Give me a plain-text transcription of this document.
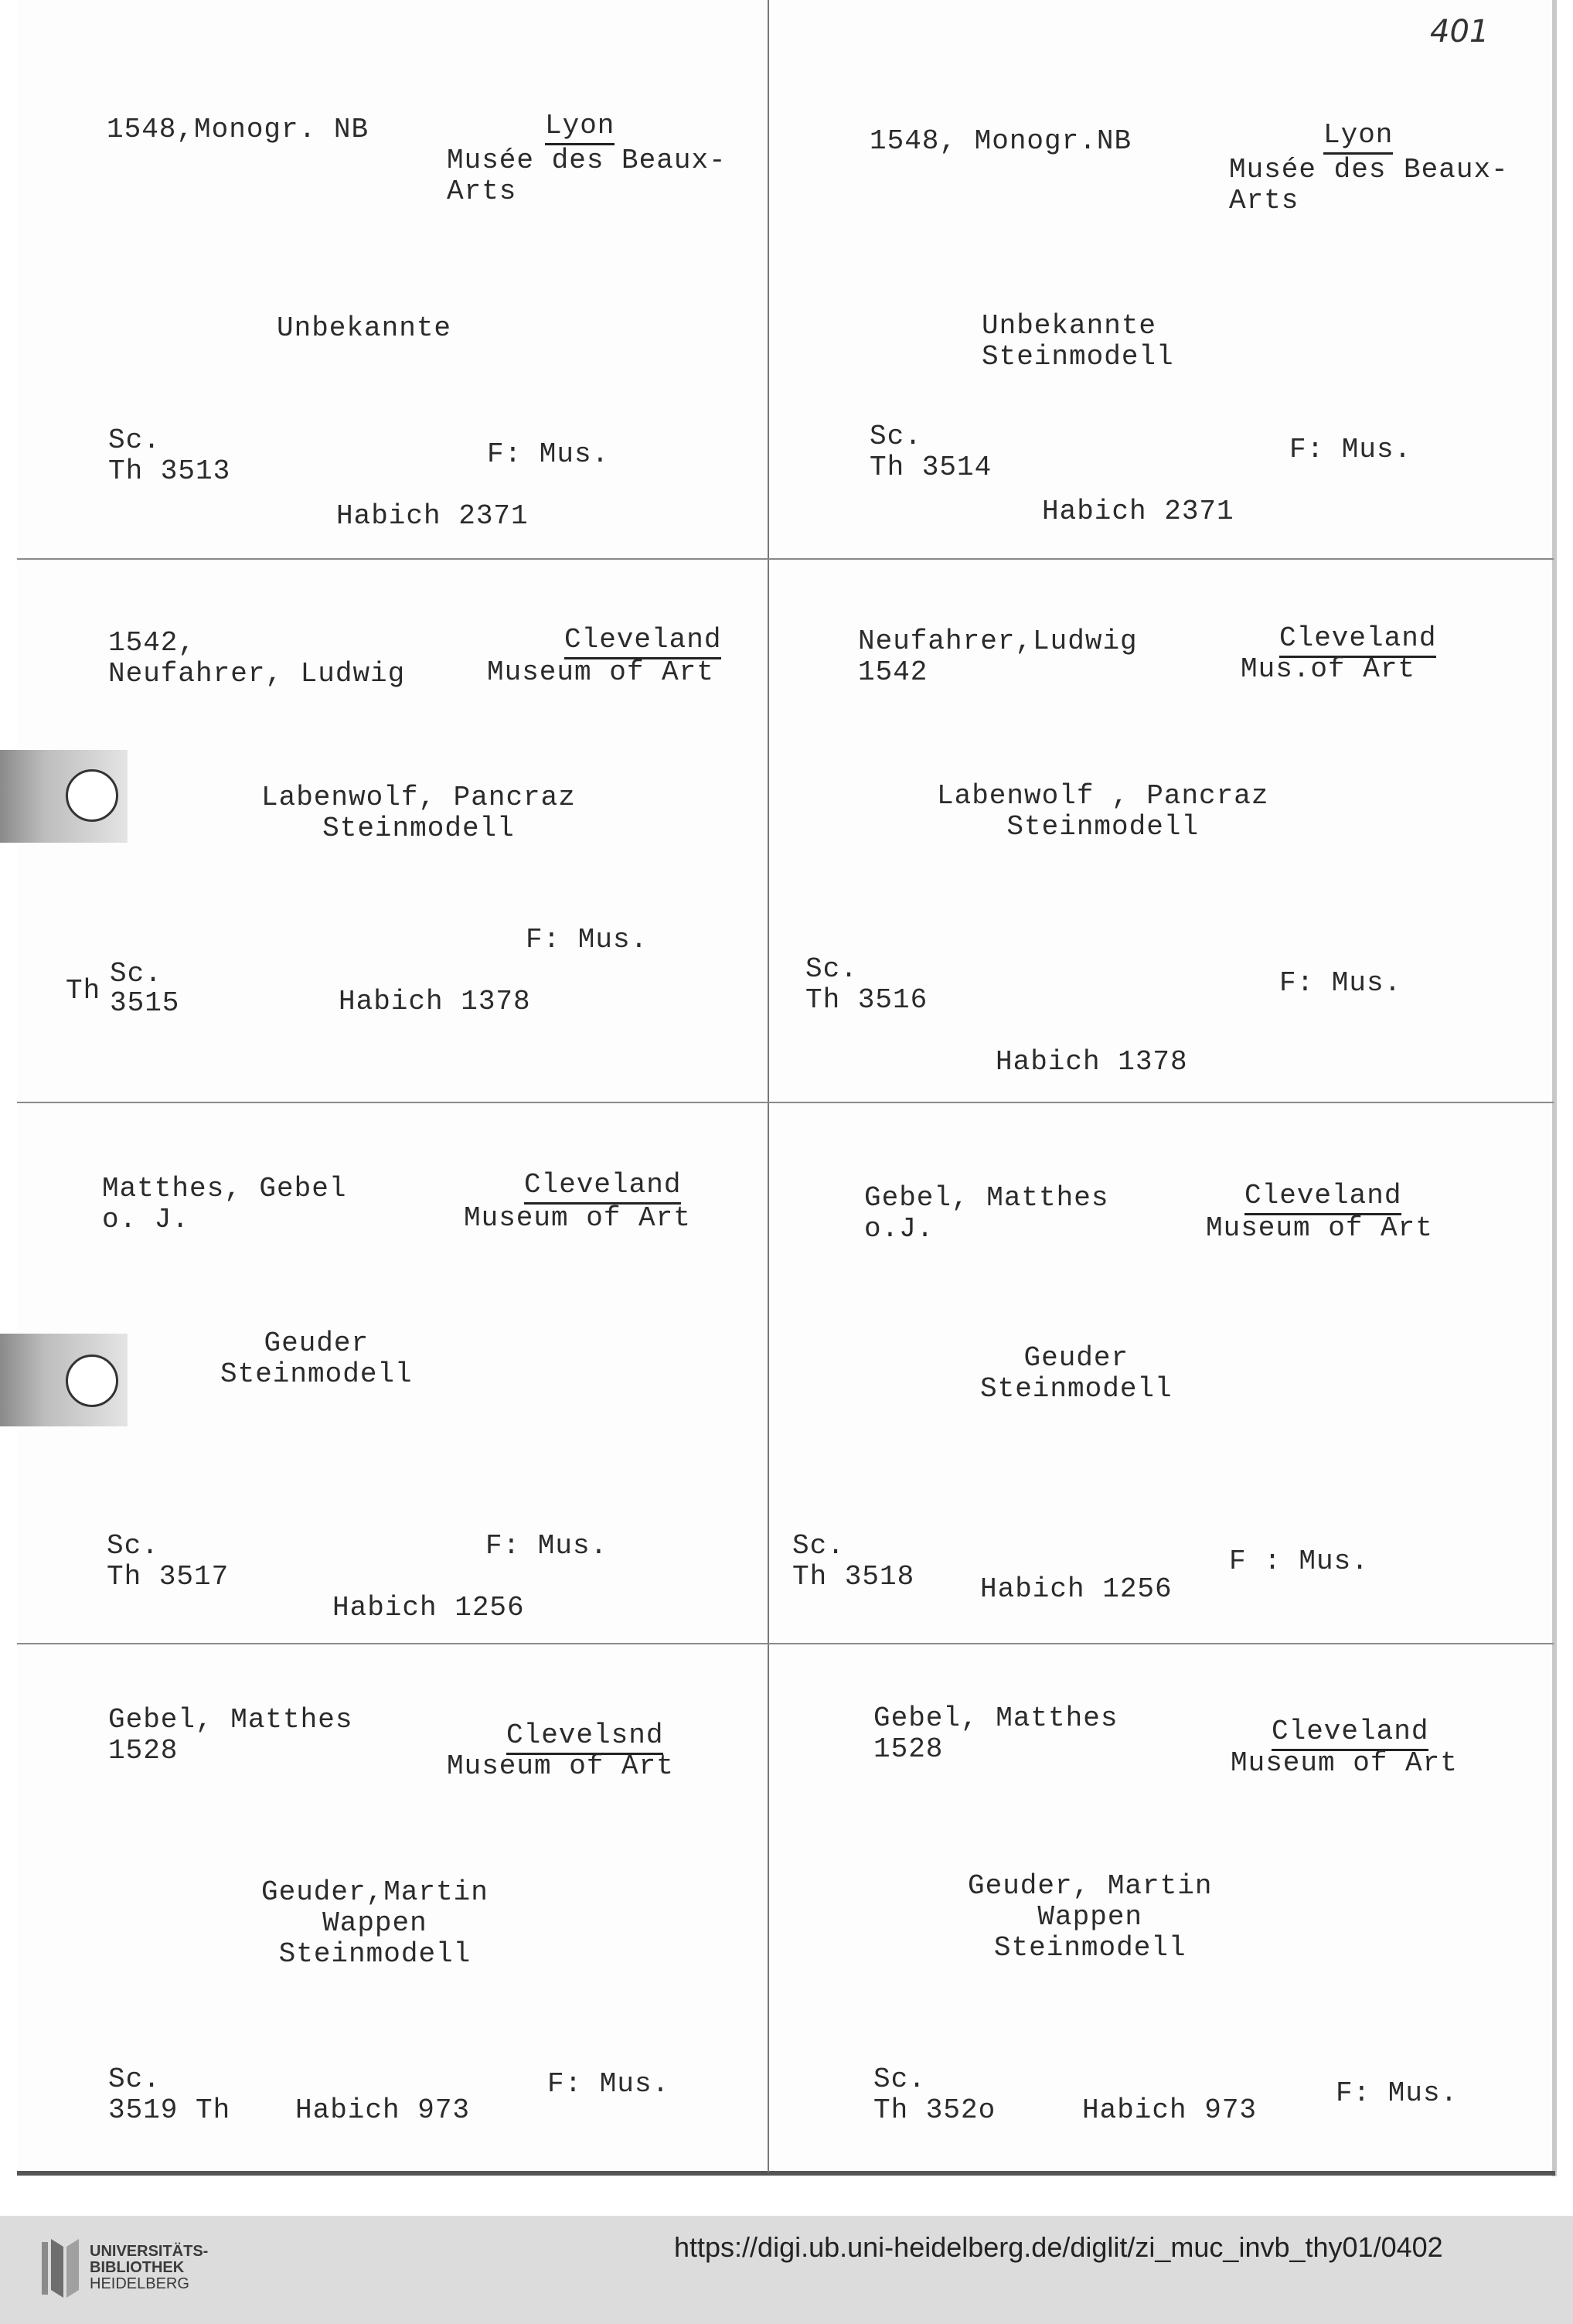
401
1548,Monogr. NB	Lyon
Musée des Beaux-
Arts
Unbekannte
Sc.
Th 3513
F: Mus.
Habich 2371
1548, Monogr.NB	Lyon
Musée des Beaux-
Arts
Unbekannte
Steinmodell
Sc.
Th 3514
F: Mus.
Habich 2371
1542,
Neufahrer, Ludwig
Cleveland
Museum of Art
Labenwolf, Pancraz
Steinmodell
Th
Sc.
3515
F: Mus.
Habich 1378
Neufahrer,Ludwig
1542
Cleveland
Mus.of Art
Labenwolf , Pancraz
Steinmodell
Sc.
Th 3516
F: Mus.
Habich 1378
Matthes, Gebel
o. J.
Cleveland
Museum of Art
Geuder
Steinmodell
Sc.
Th 3517
F: Mus.
Habich 1256
Gebel, Matthes
o.J.
Cleveland
Museum of Art
Geuder
Steinmodell
Sc.
Th 3518	F : Mus.
Habich 1256
Gebel, Matthes
1528	Clevelsnd
Museum of Art
Geuder,Martin
Wappen
Steinmodell
Sc.
3519 Th
F: Mus.
Habich 973
Gebel, Matthes
1528
Cleveland
Museum of Art
Geuder, Martin
Wappen
Steinmodell
Sc.
Th 352o
F: Mus.
Habich 973
UNIVERSITÄTS-
BIBLIOTHEK
HEIDELBERG
https://digi.ub.uni-heidelberg.de/diglit/zi_muc_invb_thy01/0402
